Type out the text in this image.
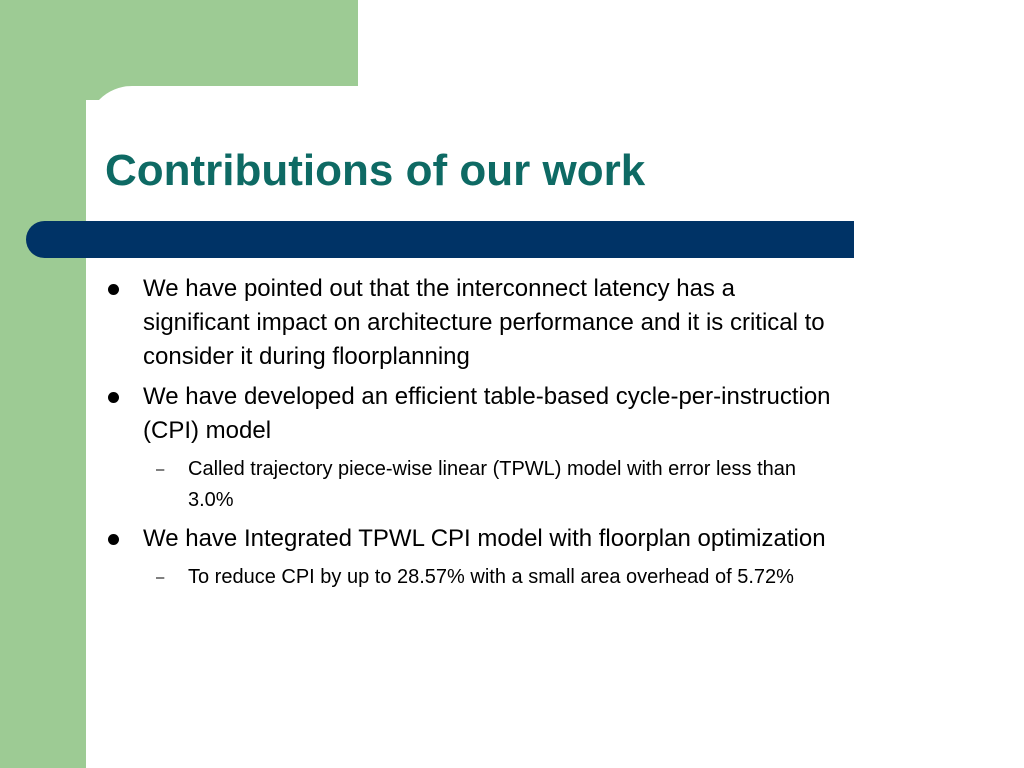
Contributions of our work
We have pointed out that the interconnect latency has a significant impact on architecture performance and it is critical to consider it during floorplanning
We have developed an efficient table-based cycle-per-instruction (CPI) model
– Called trajectory piece-wise linear (TPWL) model with error less than 3.0%
We have Integrated TPWL CPI model with floorplan optimization
– To reduce CPI by up to 28.57% with a small area overhead of 5.72%
